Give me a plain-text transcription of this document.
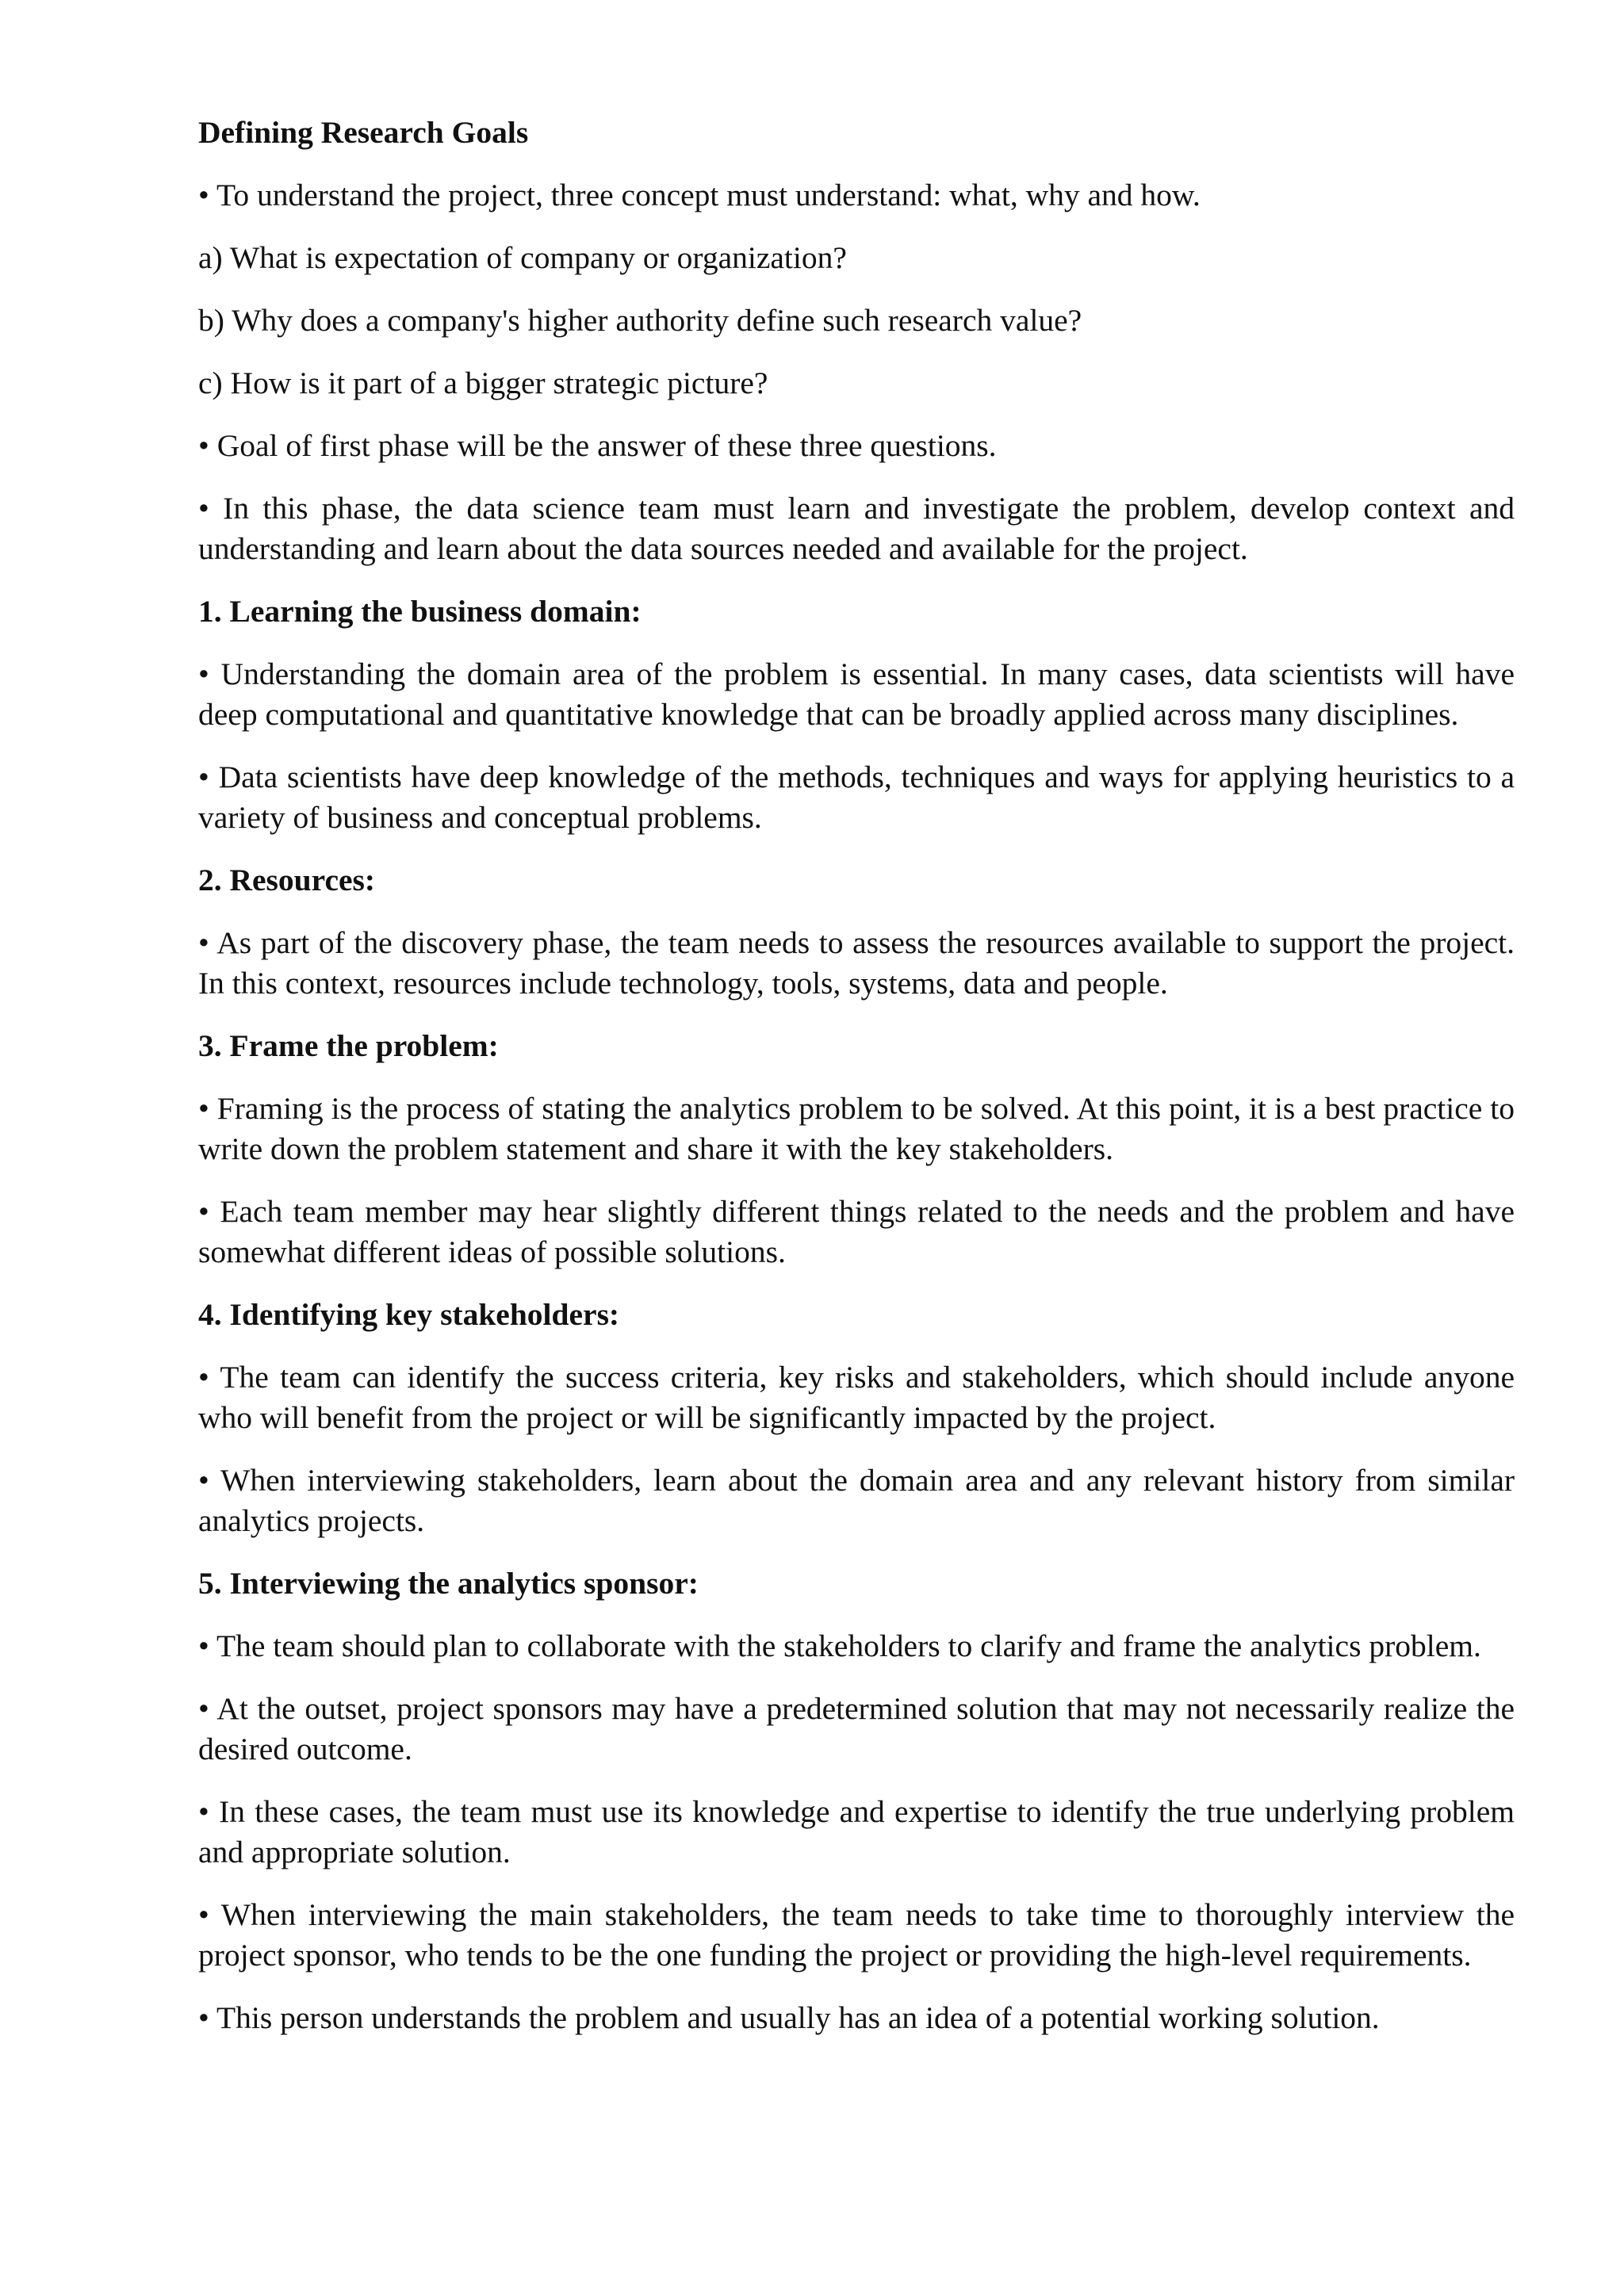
Defining Research Goals

• To understand the project, three concept must understand: what, why and how.

a) What is expectation of company or organization?

b) Why does a company's higher authority define such research value?

c) How is it part of a bigger strategic picture?

• Goal of first phase will be the answer of these three questions.

• In this phase, the data science team must learn and investigate the problem, develop context and understanding and learn about the data sources needed and available for the project.

1. Learning the business domain:

• Understanding the domain area of the problem is essential. In many cases, data scientists will have deep computational and quantitative knowledge that can be broadly applied across many disciplines.

• Data scientists have deep knowledge of the methods, techniques and ways for applying heuristics to a variety of business and conceptual problems.

2. Resources:

• As part of the discovery phase, the team needs to assess the resources available to support the project. In this context, resources include technology, tools, systems, data and people.

3. Frame the problem:

• Framing is the process of stating the analytics problem to be solved. At this point, it is a best practice to write down the problem statement and share it with the key stakeholders.

• Each team member may hear slightly different things related to the needs and the problem and have somewhat different ideas of possible solutions.

4. Identifying key stakeholders:

• The team can identify the success criteria, key risks and stakeholders, which should include anyone who will benefit from the project or will be significantly impacted by the project.

• When interviewing stakeholders, learn about the domain area and any relevant history from similar analytics projects.

5. Interviewing the analytics sponsor:

• The team should plan to collaborate with the stakeholders to clarify and frame the analytics problem.

• At the outset, project sponsors may have a predetermined solution that may not necessarily realize the desired outcome.

• In these cases, the team must use its knowledge and expertise to identify the true underlying problem and appropriate solution.

• When interviewing the main stakeholders, the team needs to take time to thoroughly interview the project sponsor, who tends to be the one funding the project or providing the high-level requirements.

• This person understands the problem and usually has an idea of a potential working solution.
